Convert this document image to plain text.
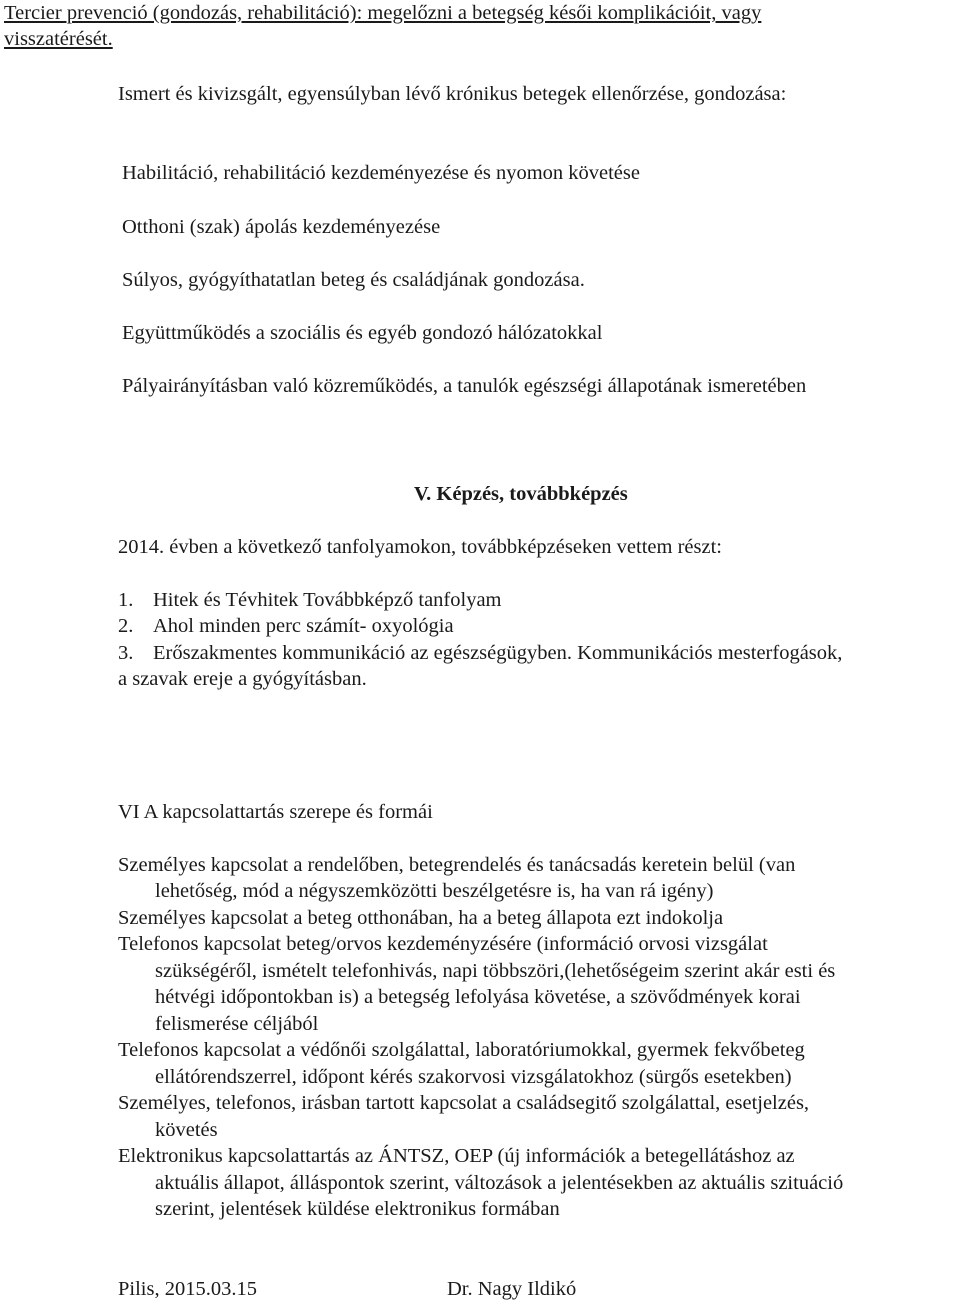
Tercier prevenció (gondozás, rehabilitáció): megelőzni a betegség késői komplikációit, vagy
visszatérését.
Ismert és kivizsgált, egyensúlyban lévő krónikus betegek ellenőrzése, gondozása:
Habilitáció, rehabilitáció kezdeményezése és nyomon követése
Otthoni (szak) ápolás kezdeményezése
Súlyos, gyógyíthatatlan beteg és családjának gondozása.
Együttműködés a szociális és egyéb gondozó hálózatokkal
Pályairányításban való közreműködés, a tanulók egészségi állapotának ismeretében
V. Képzés, továbbképzés
2014. évben a következő tanfolyamokon, továbbképzéseken vettem részt:
1. Hitek és Tévhitek Továbbképző tanfolyam
2. Ahol minden perc számít- oxyológia
3. Erőszakmentes kommunikáció az egészségügyben. Kommunikációs mesterfogások,
a szavak ereje a gyógyításban.
VI A kapcsolattartás szerepe és formái
Személyes kapcsolat a rendelőben, betegrendelés és tanácsadás keretein belül (van
lehetőség, mód a négyszemközötti beszélgetésre is, ha van rá igény)
Személyes kapcsolat a beteg otthonában, ha a beteg állapota ezt indokolja
Telefonos kapcsolat beteg/orvos kezdeményzésére (információ orvosi vizsgálat
szükségéről, ismételt telefonhivás, napi többszöri,(lehetőségeim szerint akár esti és
hétvégi időpontokban is) a betegség lefolyása követése, a szövődmények korai
felismerése céljából
Telefonos kapcsolat a védőnői szolgálattal, laboratóriumokkal, gyermek fekvőbeteg
ellátórendszerrel, időpont kérés szakorvosi vizsgálatokhoz (sürgős esetekben)
Személyes, telefonos, irásban tartott kapcsolat a családsegitő szolgálattal, esetjelzés,
követés
Elektronikus kapcsolattartás az ÁNTSZ, OEP (új információk a betegellátáshoz az
aktuális állapot, álláspontok szerint, változások a jelentésekben az aktuális szituáció
szerint, jelentések küldése elektronikus formában
Pilis, 2015.03.15	Dr. Nagy Ildikó
